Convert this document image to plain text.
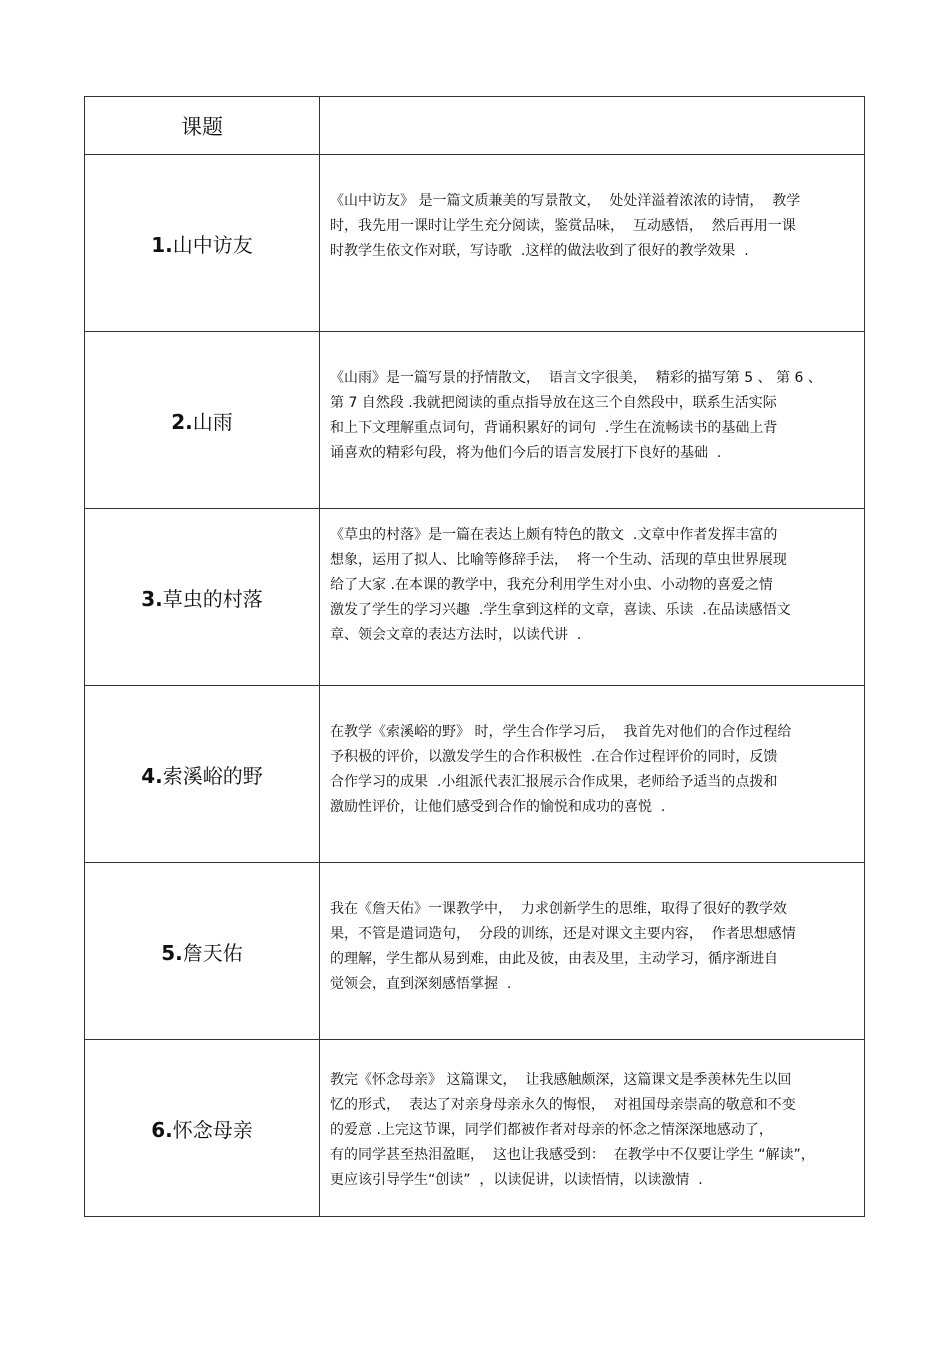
课题	
1.山中访友	《山中访友》 是一篇文质兼美的写景散文，  处处洋溢着浓浓的诗情，  教学
时，我先用一课时让学生充分阅读，鉴赏品味，  互动感悟，  然后再用一课
时教学生依文作对联，写诗歌  .这样的做法收到了很好的教学效果  .

2.山雨	《山雨》是一篇写景的抒情散文，  语言文字很美，  精彩的描写第 5 、 第 6 、
第 7 自然段 .我就把阅读的重点指导放在这三个自然段中，联系生活实际
和上下文理解重点词句，背诵积累好的词句  .学生在流畅读书的基础上背
诵喜欢的精彩句段，将为他们今后的语言发展打下良好的基础  .

3.草虫的村落	《草虫的村落》是一篇在表达上颇有特色的散文  .文章中作者发挥丰富的
想象，运用了拟人、比喻等修辞手法，  将一个生动、活现的草虫世界展现
给了大家 .在本课的教学中，我充分利用学生对小虫、小动物的喜爱之情
激发了学生的学习兴趣  .学生拿到这样的文章，喜读、乐读  .在品读感悟文
章、领会文章的表达方法时，以读代讲  .

4.索溪峪的野	在教学《索溪峪的野》 时，学生合作学习后，  我首先对他们的合作过程给
予积极的评价，以激发学生的合作积极性  .在合作过程评价的同时，反馈
合作学习的成果  .小组派代表汇报展示合作成果，老师给予适当的点拨和
激励性评价，让他们感受到合作的愉悦和成功的喜悦  .

5.詹天佑	我在《詹天佑》一课教学中，  力求创新学生的思维，取得了很好的教学效
果，不管是遣词造句，  分段的训练，还是对课文主要内容，  作者思想感情
的理解，学生都从易到难，由此及彼，由表及里，主动学习，循序渐进自
觉领会，直到深刻感悟掌握  .

6.怀念母亲	教完《怀念母亲》 这篇课文，  让我感触颇深，这篇课文是季羡林先生以回
忆的形式，  表达了对亲身母亲永久的悔恨，  对祖国母亲崇高的敬意和不变
的爱意 .上完这节课，同学们都被作者对母亲的怀念之情深深地感动了，
有的同学甚至热泪盈眶，  这也让我感受到：  在教学中不仅要让学生 “解读”，
更应该引导学生“创读”  ，以读促讲，以读悟情，以读激情  .
